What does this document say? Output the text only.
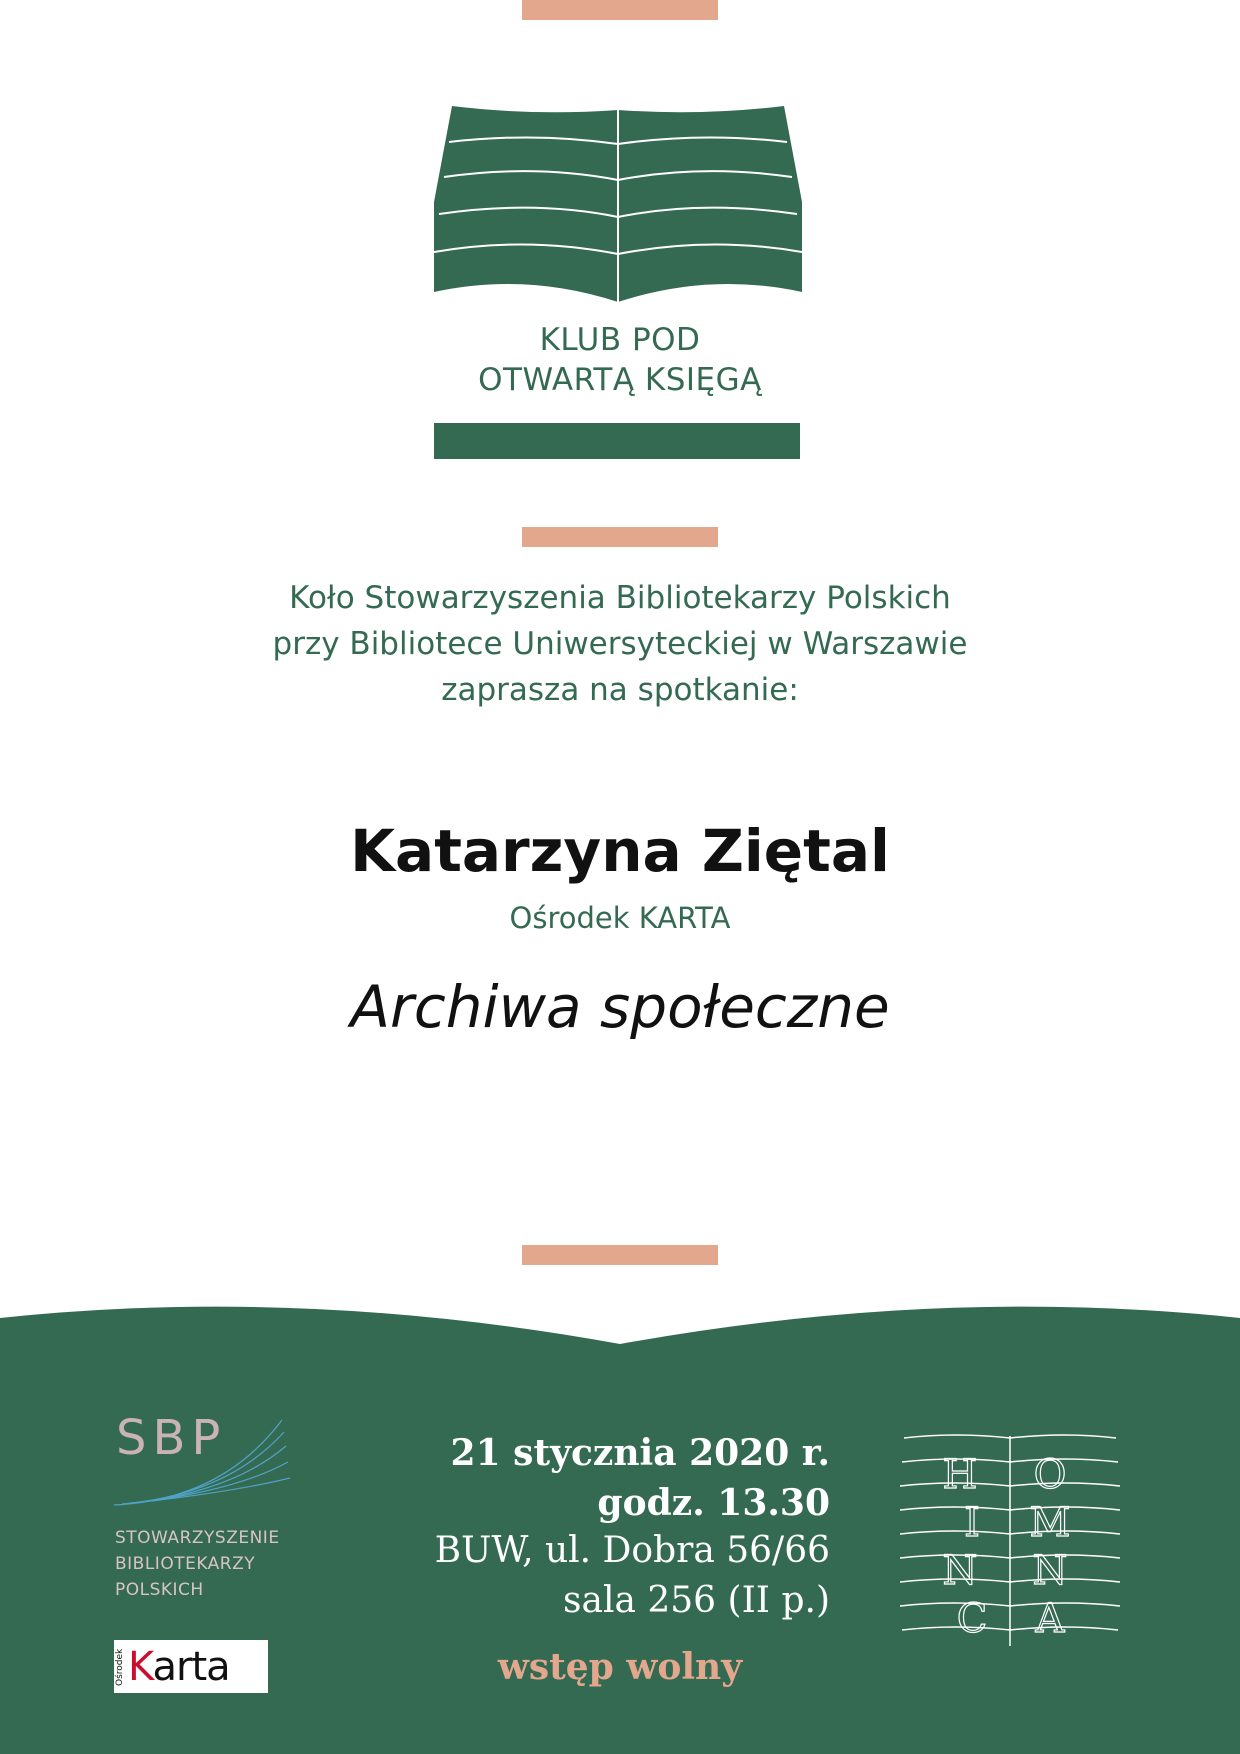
KLUB POD
OTWARTĄ KSIĘGĄ
Koło Stowarzyszenia Bibliotekarzy Polskich
przy Bibliotece Uniwersyteckiej w Warszawie
zaprasza na spotkanie:
Katarzyna Ziętal
Ośrodek KARTA
Archiwa społeczne
SBP
STOWARZYSZENIE
BIBLIOTEKARZY
POLSKICH
Ośrodek Karta
21 stycznia 2020 r.
godz. 13.30
BUW, ul. Dobra 56/66
sala 256 (II p.)
wstęp wolny
H O
I M
N N
C A
